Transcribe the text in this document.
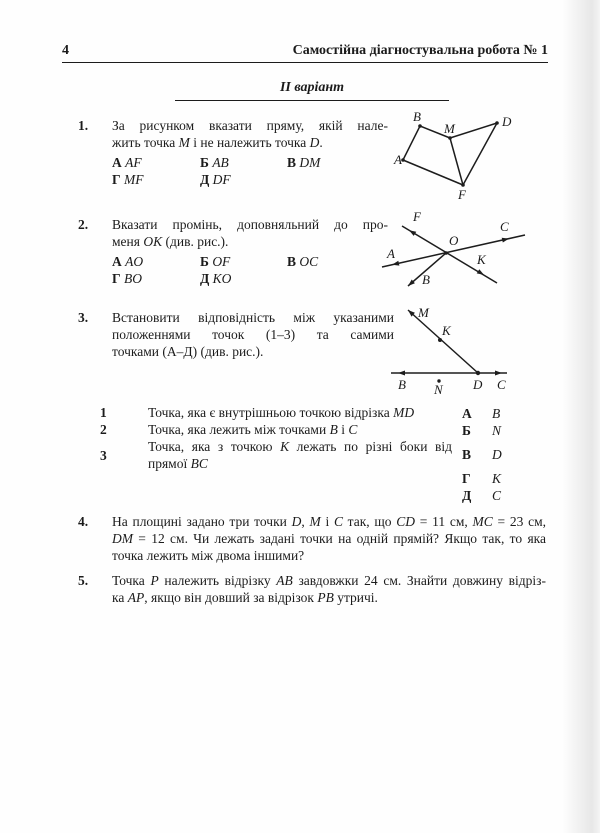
4	Самостійна діагностувальна робота № 1
ІІ варіант
1.	За рисунком вказати пряму, якій нале-
жить точка M і не належить точка D.
А AF	Б AB	В DM
Г MF	Д DF
A
B
M	D
F
2.	Вказати промінь, доповняльний до про-
меня OK (див. рис.).
А AO	Б OF	В OC
Г BO	Д KO
F
O
C
A	K
B
3.	Встановити відповідність між указаними
положеннями точок (1–3) та самими
точками (А–Д) (див. рис.).
M
K
B N D C
1	Точка, яка є внутрішньою точкою відрізка MD
2	Точка, яка лежить між точками B і C
3
Точка, яка з точкою K лежать по різні боки від
прямої BC
А	B
Б	N
В	D
Г	K
Д	C
4.	На площині задано три точки D, M і C так, що CD = 11 см, MC = 23 см,
DM = 12 см. Чи лежать задані точки на одній прямій? Якщо так, то яка
точка лежить між двома іншими?
5.	Точка P належить відрізку AB завдовжки 24 см. Знайти довжину відріз-
ка AP, якщо він довший за відрізок PB утричі.
